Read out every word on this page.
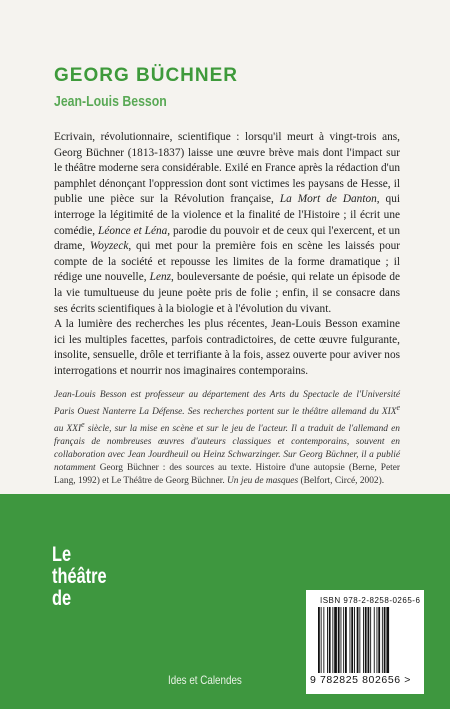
GEORG BÜCHNER
Jean-Louis Besson

Ecrivain, révolutionnaire, scientifique : lorsqu'il meurt à vingt-trois ans, Georg Büchner (1813-1837) laisse une œuvre brève mais dont l'impact sur le théâtre moderne sera considérable. Exilé en France après la rédaction d'un pamphlet dénonçant l'oppression dont sont victimes les paysans de Hesse, il publie une pièce sur la Révolution française, La Mort de Danton, qui interroge la légitimité de la violence et la finalité de l'Histoire ; il écrit une comédie, Léonce et Léna, parodie du pouvoir et de ceux qui l'exercent, et un drame, Woyzeck, qui met pour la première fois en scène les laissés pour compte de la société et repousse les limites de la forme dramatique ; il rédige une nouvelle, Lenz, bouleversante de poésie, qui relate un épisode de la vie tumultueuse du jeune poète pris de folie ; enfin, il se consacre dans ses écrits scientifiques à la biologie et à l'évolution du vivant.

A la lumière des recherches les plus récentes, Jean-Louis Besson examine ici les multiples facettes, parfois contradictoires, de cette œuvre fulgurante, insolite, sensuelle, drôle et terrifiante à la fois, assez ouverte pour aviver nos interrogations et nourrir nos imaginaires contemporains.

Jean-Louis Besson est professeur au département des Arts du Spectacle de l'Université Paris Ouest Nanterre La Défense. Ses recherches portent sur le théâtre allemand du XIXe au XXIe siècle, sur la mise en scène et sur le jeu de l'acteur. Il a traduit de l'allemand en français de nombreuses œuvres d'auteurs classiques et contemporains, souvent en collaboration avec Jean Jourdheuil ou Heinz Schwarzinger. Sur Georg Büchner, il a publié notamment Georg Büchner : des sources au texte. Histoire d'une autopsie (Berne, Peter Lang, 1992) et Le Théâtre de Georg Büchner. Un jeu de masques (Belfort, Circé, 2002).
Le
théâtre
de
Ides et Calendes
ISBN 978-2-8258-0265-6
9 782825 802656 >
